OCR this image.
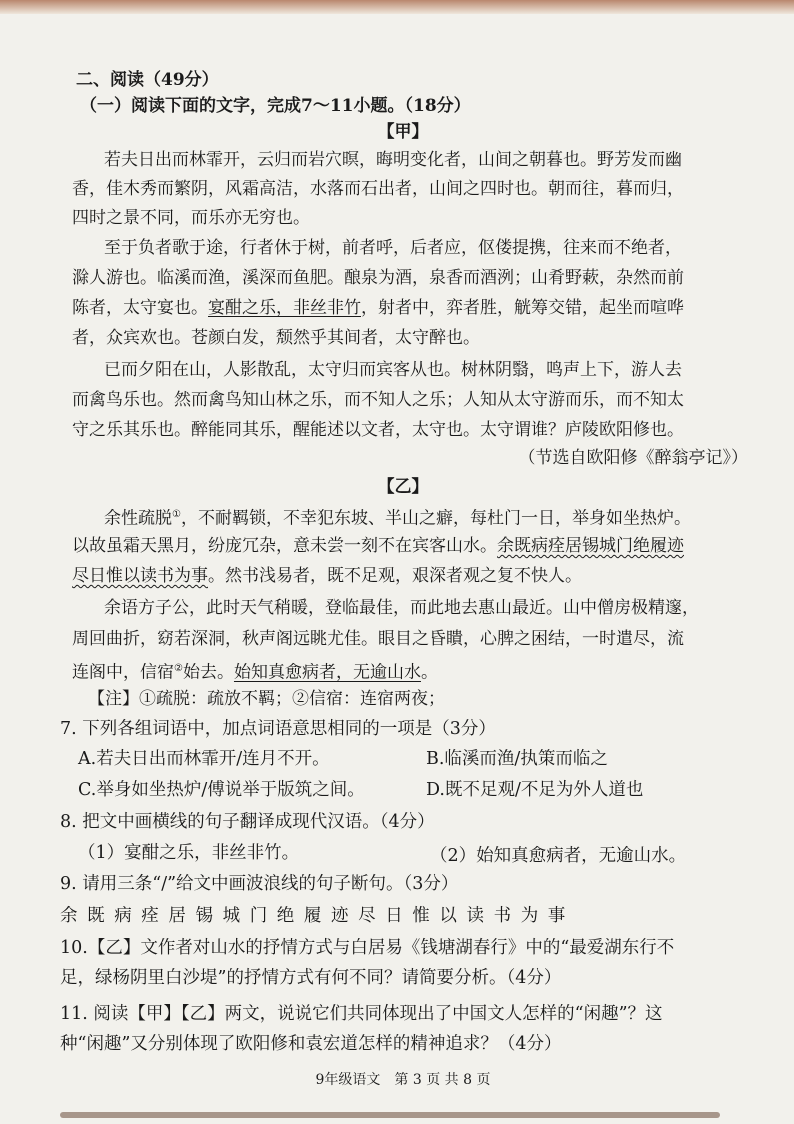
二、阅读（49分）
（一）阅读下面的文字，完成7～11小题。（18分）
【甲】
若夫日出而林霏开，云归而岩穴暝，晦明变化者，山间之朝暮也。野芳发而幽
香，佳木秀而繁阴，风霜高洁，水落而石出者，山间之四时也。朝而往，暮而归，
四时之景不同，而乐亦无穷也。
至于负者歌于途，行者休于树，前者呼，后者应，伛偻提携，往来而不绝者，
滁人游也。临溪而渔，溪深而鱼肥。酿泉为酒，泉香而酒洌；山肴野蔌，杂然而前
陈者，太守宴也。宴酣之乐，非丝非竹，射者中，弈者胜，觥筹交错，起坐而喧哗
者，众宾欢也。苍颜白发，颓然乎其间者，太守醉也。
已而夕阳在山，人影散乱，太守归而宾客从也。树林阴翳，鸣声上下，游人去
而禽鸟乐也。然而禽鸟知山林之乐，而不知人之乐；人知从太守游而乐，而不知太
守之乐其乐也。醉能同其乐，醒能述以文者，太守也。太守谓谁？庐陵欧阳修也。
（节选自欧阳修《醉翁亭记》）
【乙】
余性疏脱①，不耐羁锁，不幸犯东坡、半山之癖，每杜门一日，举身如坐热炉。
以故虽霜天黑月，纷庞冗杂，意未尝一刻不在宾客山水。余既病痊居锡城门绝履迹
尽日惟以读书为事。然书浅易者，既不足观，艰深者观之复不快人。
余语方子公，此时天气稍暖，登临最佳，而此地去惠山最近。山中僧房极精邃，
周回曲折，窈若深洞，秋声阁远眺尤佳。眼目之昏瞶，心脾之困结，一时遣尽，流
连阁中，信宿②始去。始知真愈病者，无逾山水。
【注】①疏脱：疏放不羁；②信宿：连宿两夜；
7. 下列各组词语中，加点词语意思相同的一项是（3分）
A.若夫日出而林霏开/连月不开。	B.临溪而渔/执策而临之
C.举身如坐热炉/傅说举于版筑之间。	D.既不足观/不足为外人道也
8. 把文中画横线的句子翻译成现代汉语。（4分）
（1）宴酣之乐，非丝非竹。	（2）始知真愈病者，无逾山水。
9. 请用三条“/”给文中画波浪线的句子断句。（3分）
余既病痊居锡城门绝履迹尽日惟以读书为事
10.【乙】文作者对山水的抒情方式与白居易《钱塘湖春行》中的“最爱湖东行不
足，绿杨阴里白沙堤”的抒情方式有何不同？请简要分析。（4分）
11. 阅读【甲】【乙】两文，说说它们共同体现出了中国文人怎样的“闲趣”？这
种“闲趣”又分别体现了欧阳修和袁宏道怎样的精神追求？（4分）
9年级语文　第 3 页 共 8 页
